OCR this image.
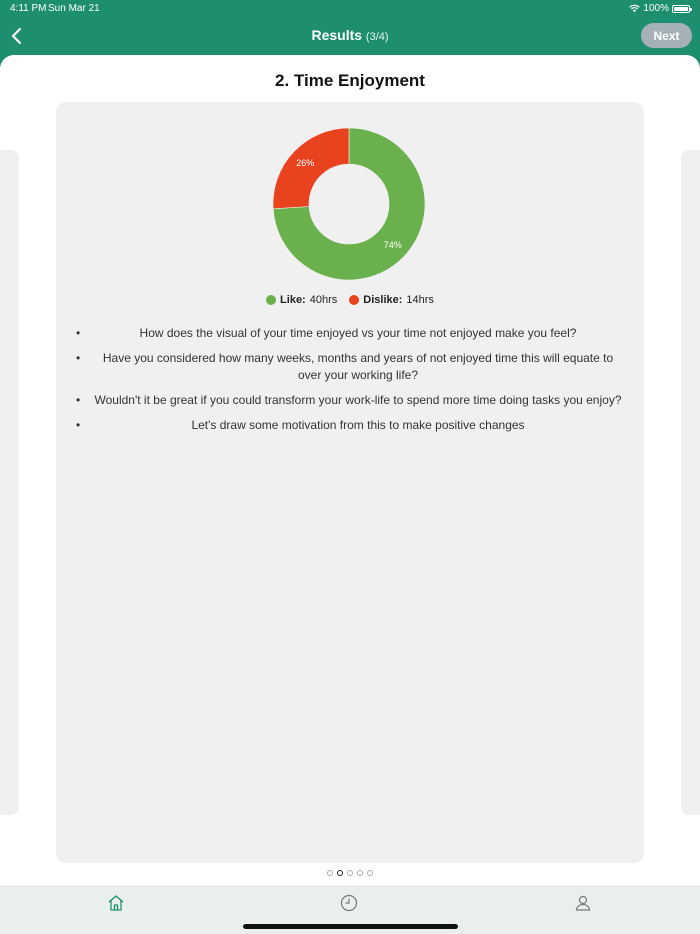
4:11 PM Sun Mar 21	100%
Results (3/4)	Next
2. Time Enjoyment
74%
26%
Like: 40hrs Dislike: 14hrs
• How does the visual of your time enjoyed vs your time not enjoyed make you feel?
• Have you considered how many weeks, months and years of not enjoyed time this will equate to over your working life?
• Wouldn't it be great if you could transform your work-life to spend more time doing tasks you enjoy?
• Let's draw some motivation from this to make positive changes
